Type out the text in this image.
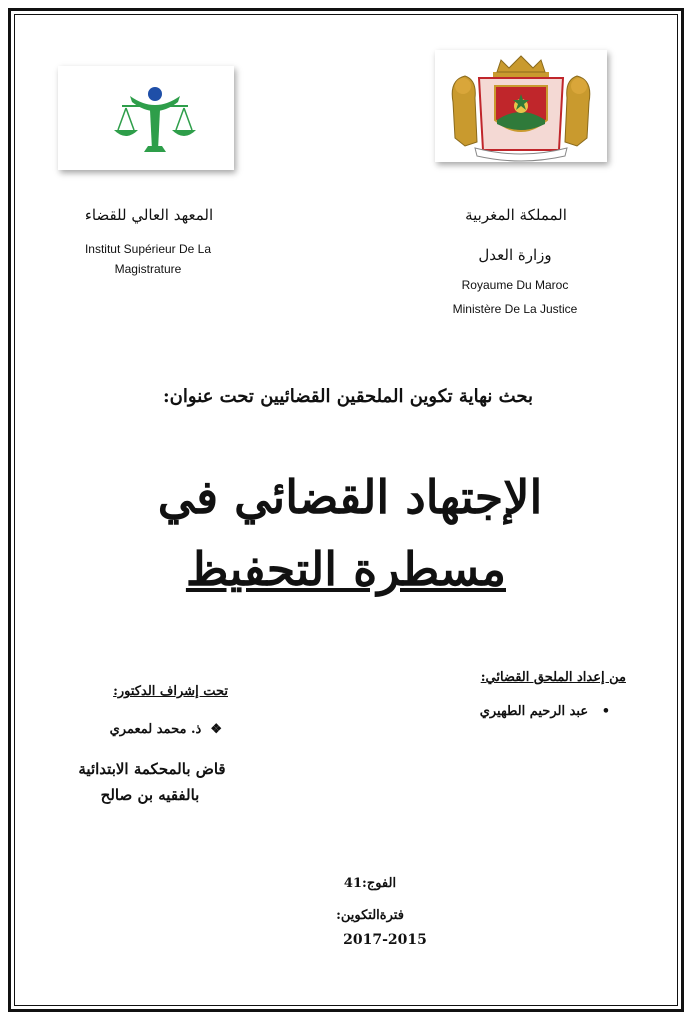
المعهد العالي للقضاء
Institut Supérieur De La
Magistrature
المملكة المغربية
وزارة العدل
Royaume Du Maroc
Ministère De La Justice
بحث نهاية تكوين الملحقين القضائيين تحت عنوان:
الإجتهاد القضائي في
مسطرة التحفيظ
من إعداد الملحق القضائي:
•   عبد الرحيم الطهيري
تحت إشراف الدكتور:
❖  ذ. محمد لمعمري
قاض بالمحكمة الابتدائية
بالفقيه بن صالح
الفوج:41
فترةالتكوين:
2017-2015
